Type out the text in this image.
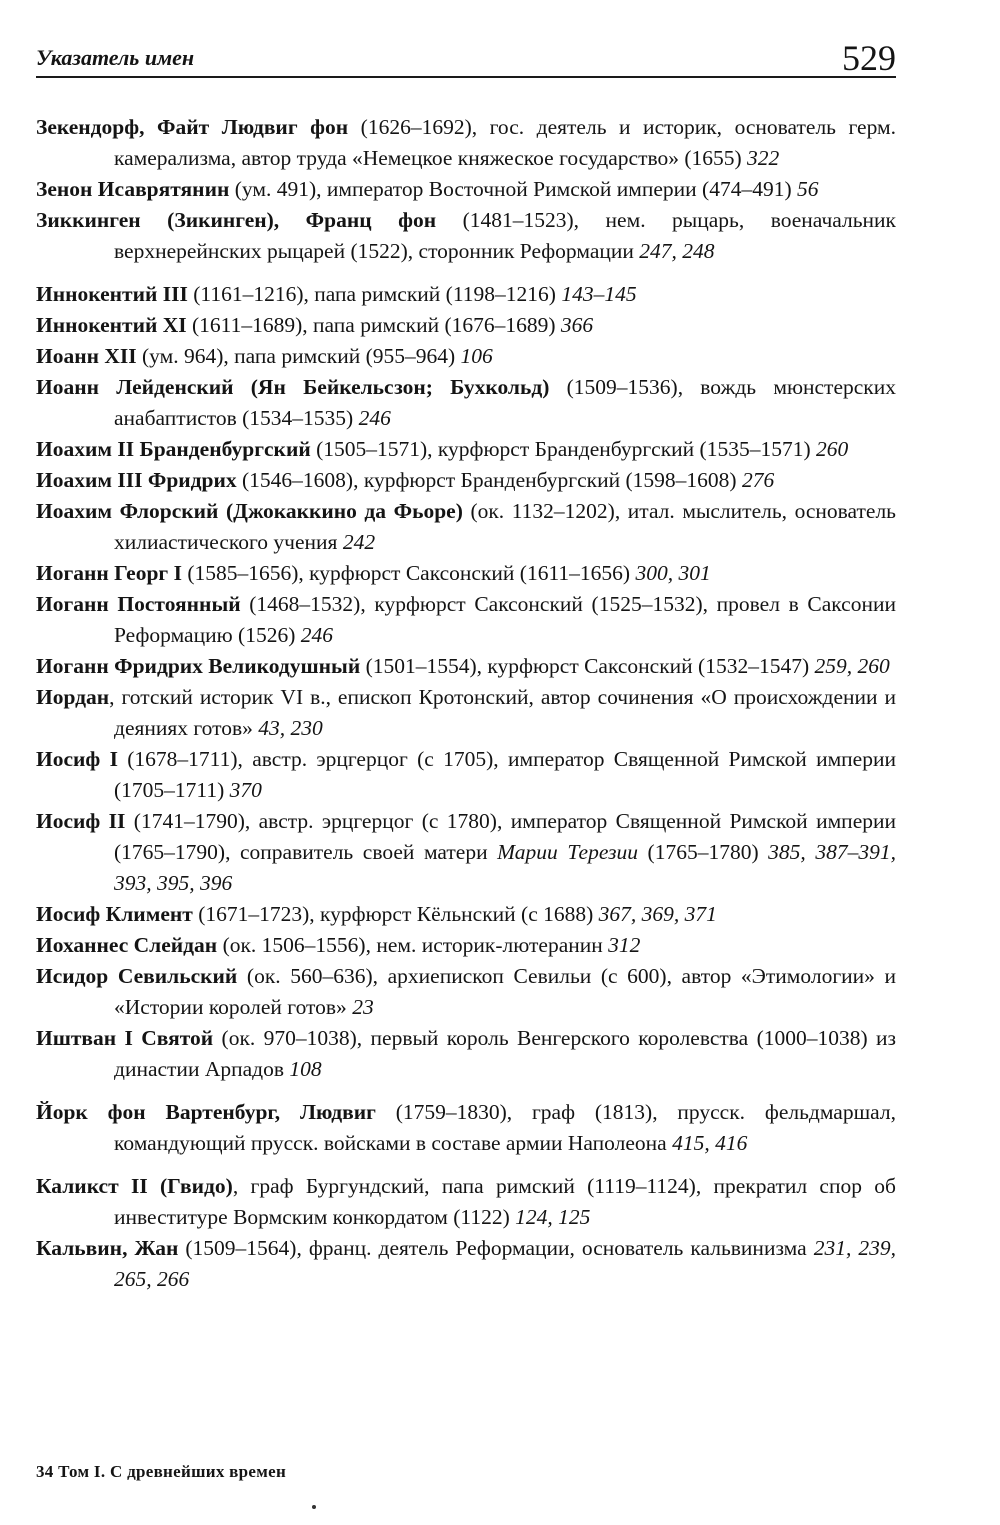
Указатель имен	529

Зекендорф, Файт Людвиг фон (1626–1692), гос. деятель и историк, основатель герм. камерализма, автор труда «Немецкое княжеское государство» (1655) 322

Зенон Исаврятянин (ум. 491), император Восточной Римской империи (474–491) 56

Зиккинген (Зикинген), Франц фон (1481–1523), нем. рыцарь, военачальник верхнерейнских рыцарей (1522), сторонник Реформации 247, 248

Иннокентий III (1161–1216), папа римский (1198–1216) 143–145

Иннокентий XI (1611–1689), папа римский (1676–1689) 366

Иоанн XII (ум. 964), папа римский (955–964) 106

Иоанн Лейденский (Ян Бейкельсзон; Бухкольд) (1509–1536), вождь мюнстерских анабаптистов (1534–1535) 246

Иоахим II Бранденбургский (1505–1571), курфюрст Бранденбургский (1535–1571) 260

Иоахим III Фридрих (1546–1608), курфюрст Бранденбургский (1598–1608) 276

Иоахим Флорский (Джокаккино да Фьоре) (ок. 1132–1202), итал. мыслитель, основатель хилиастического учения 242

Иоганн Георг I (1585–1656), курфюрст Саксонский (1611–1656) 300, 301

Иоганн Постоянный (1468–1532), курфюрст Саксонский (1525–1532), провел в Саксонии Реформацию (1526) 246

Иоганн Фридрих Великодушный (1501–1554), курфюрст Саксонский (1532–1547) 259, 260

Иордан, готский историк VI в., епископ Кротонский, автор сочинения «О происхождении и деяниях готов» 43, 230

Иосиф I (1678–1711), австр. эрцгерцог (с 1705), император Священной Римской империи (1705–1711) 370

Иосиф II (1741–1790), австр. эрцгерцог (с 1780), император Священной Римской империи (1765–1790), соправитель своей матери Марии Терезии (1765–1780) 385, 387–391, 393, 395, 396

Иосиф Климент (1671–1723), курфюрст Кёльнский (с 1688) 367, 369, 371

Иоханнес Слейдан (ок. 1506–1556), нем. историк-лютеранин 312

Исидор Севильский (ок. 560–636), архиепископ Севильи (с 600), автор «Этимологии» и «Истории королей готов» 23

Иштван I Святой (ок. 970–1038), первый король Венгерского королевства (1000–1038) из династии Арпадов 108

Йорк фон Вартенбург, Людвиг (1759–1830), граф (1813), прусск. фельдмаршал, командующий прусск. войсками в составе армии Наполеона 415, 416

Каликст II (Гвидо), граф Бургундский, папа римский (1119–1124), прекратил спор об инвеституре Вормским конкордатом (1122) 124, 125

Кальвин, Жан (1509–1564), франц. деятель Реформации, основатель кальвинизма 231, 239, 265, 266

34 Том I. С древнейших времен
